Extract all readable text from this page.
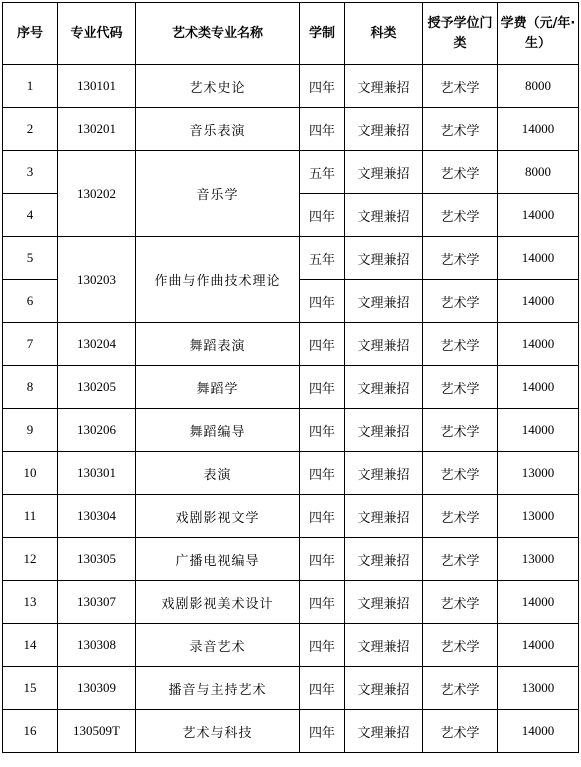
序号	专业代码	艺术类专业名称	学制	科类	授予学位门类	学费（元/年·生）
1	130101	艺术史论	四年	文理兼招	艺术学	8000
2	130201	音乐表演	四年	文理兼招	艺术学	14000
3	130202	音乐学	五年	文理兼招	艺术学	8000
4			四年	文理兼招	艺术学	14000
5	130203	作曲与作曲技术理论	五年	文理兼招	艺术学	14000
6			四年	文理兼招	艺术学	14000
7	130204	舞蹈表演	四年	文理兼招	艺术学	14000
8	130205	舞蹈学	四年	文理兼招	艺术学	14000
9	130206	舞蹈编导	四年	文理兼招	艺术学	14000
10	130301	表演	四年	文理兼招	艺术学	13000
11	130304	戏剧影视文学	四年	文理兼招	艺术学	13000
12	130305	广播电视编导	四年	文理兼招	艺术学	13000
13	130307	戏剧影视美术设计	四年	文理兼招	艺术学	14000
14	130308	录音艺术	四年	文理兼招	艺术学	14000
15	130309	播音与主持艺术	四年	文理兼招	艺术学	13000
16	130509T	艺术与科技	四年	文理兼招	艺术学	14000
